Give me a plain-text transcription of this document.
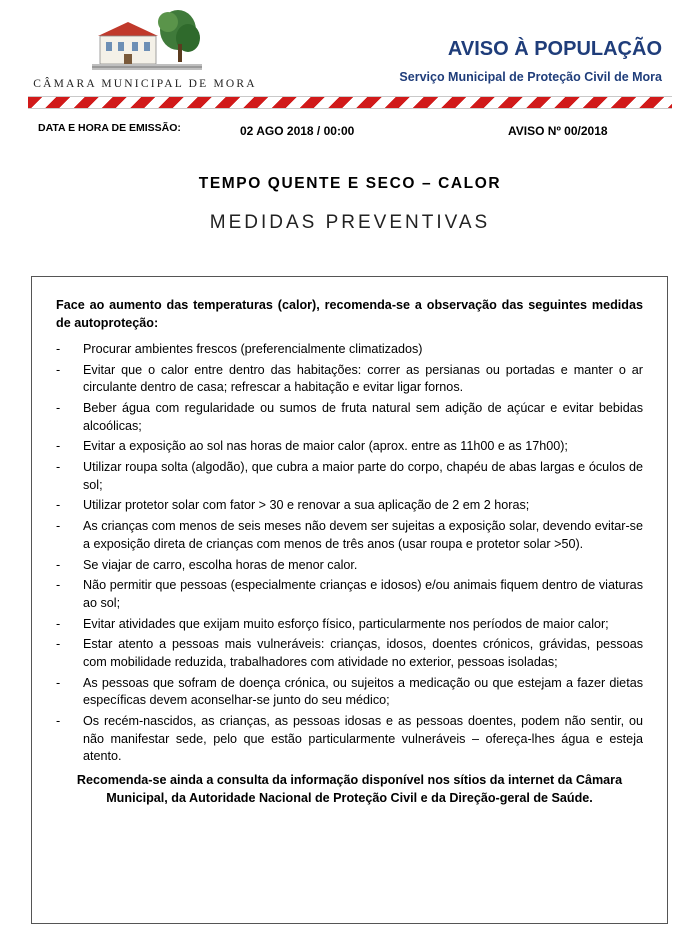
CÂMARA MUNICIPAL DE MORA
AVISO À POPULAÇÃO
Serviço Municipal de Proteção Civil de Mora
DATA E HORA DE EMISSÃO:	02 AGO 2018 / 00:00	AVISO Nº 00/2018
TEMPO QUENTE E SECO – CALOR
MEDIDAS PREVENTIVAS

Face ao aumento das temperaturas (calor), recomenda-se a observação das seguintes medidas de autoproteção:

- Procurar ambientes frescos (preferencialmente climatizados)
- Evitar que o calor entre dentro das habitações: correr as persianas ou portadas e manter o ar circulante dentro de casa; refrescar a habitação e evitar ligar fornos.
- Beber água com regularidade ou sumos de fruta natural sem adição de açúcar e evitar bebidas alcoólicas;
- Evitar a exposição ao sol nas horas de maior calor (aprox. entre as 11h00 e as 17h00);
- Utilizar roupa solta (algodão), que cubra a maior parte do corpo, chapéu de abas largas e óculos de sol;
- Utilizar protetor solar com fator > 30 e renovar a sua aplicação de 2 em 2 horas;
- As crianças com menos de seis meses não devem ser sujeitas a exposição solar, devendo evitar-se a exposição direta de crianças com menos de três anos (usar roupa e protetor solar >50).
- Se viajar de carro, escolha horas de menor calor.
- Não permitir que pessoas (especialmente crianças e idosos) e/ou animais fiquem dentro de viaturas ao sol;
- Evitar atividades que exijam muito esforço físico, particularmente nos períodos de maior calor;
- Estar atento a pessoas mais vulneráveis: crianças, idosos, doentes crónicos, grávidas, pessoas com mobilidade reduzida, trabalhadores com atividade no exterior, pessoas isoladas;
- As pessoas que sofram de doença crónica, ou sujeitos a medicação ou que estejam a fazer dietas específicas devem aconselhar-se junto do seu médico;
- Os recém-nascidos, as crianças, as pessoas idosas e as pessoas doentes, podem não sentir, ou não manifestar sede, pelo que estão particularmente vulneráveis – ofereça-lhes água e esteja atento.

Recomenda-se ainda a consulta da informação disponível nos sítios da internet da Câmara Municipal, da Autoridade Nacional de Proteção Civil e da Direção-geral de Saúde.
